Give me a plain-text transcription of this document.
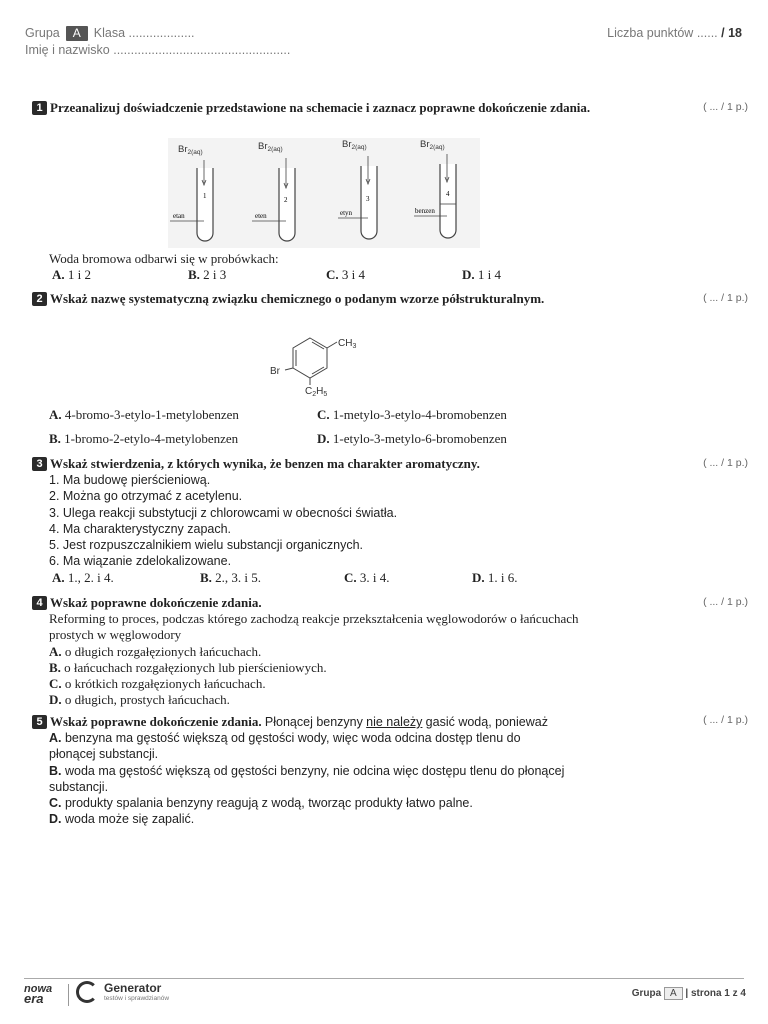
Grupa A Klasa ...................
Imię i nazwisko ...................................................
Liczba punktów ...... / 18
1 Przeanalizuj doświadczenie przedstawione na schemacie i zaznacz poprawne dokończenie zdania.	( ... / 1 p.)
$Br_{2(aq)}$
1
etan
$Br_{2(aq)}$
2
eten
$Br_{2(aq)}$
3
etyn
$Br_{2(aq)}$
4
benzen
Woda bromowa odbarwi się w probówkach:
A. 1 i 2	B. 2 i 3	C. 3 i 4	D. 1 i 4
2 Wskaż nazwę systematyczną związku chemicznego o podanym wzorze półstrukturalnym.	( ... / 1 p.)
$CH_3$
Br
$C_2H_5$
A. 4-bromo-3-etylo-1-metylobenzen	C. 1-metylo-3-etylo-4-bromobenzen
B. 1-bromo-2-etylo-4-metylobenzen	D. 1-etylo-3-metylo-6-bromobenzen
3 Wskaż stwierdzenia, z których wynika, że benzen ma charakter aromatyczny.
1. Ma budowę pierścieniową.
2. Można go otrzymać z acetylenu.
3. Ulega reakcji substytucji z chlorowcami w obecności światła.
4. Ma charakterystyczny zapach.
5. Jest rozpuszczalnikiem wielu substancji organicznych.
6. Ma wiązanie zdelokalizowane.
( ... / 1 p.)
A. 1., 2. i 4.	B. 2., 3. i 5.	C. 3. i 4.	D. 1. i 6.
4 Wskaż poprawne dokończenie zdania.
Reforming to proces, podczas którego zachodzą reakcje przekształcenia węglowodorów o łańcuchach prostych w węglowodory
A. o długich rozgałęzionych łańcuchach.
B. o łańcuchach rozgałęzionych lub pierścieniowych.
C. o krótkich rozgałęzionych łańcuchach.
D. o długich, prostych łańcuchach.
( ... / 1 p.)
5 Wskaż poprawne dokończenie zdania. Płonącej benzyny nie należy gasić wodą, ponieważ
A. benzyna ma gęstość większą od gęstości wody, więc woda odcina dostęp tlenu do płonącej substancji.
B. woda ma gęstość większą od gęstości benzyny, nie odcina więc dostępu tlenu do płonącej substancji.
C. produkty spalania benzyny reagują z wodą, tworząc produkty łatwo palne.
D. woda może się zapalić.
( ... / 1 p.)
nowa
era
Generator
testów i sprawdzianów	Grupa A | strona 1 z 4
